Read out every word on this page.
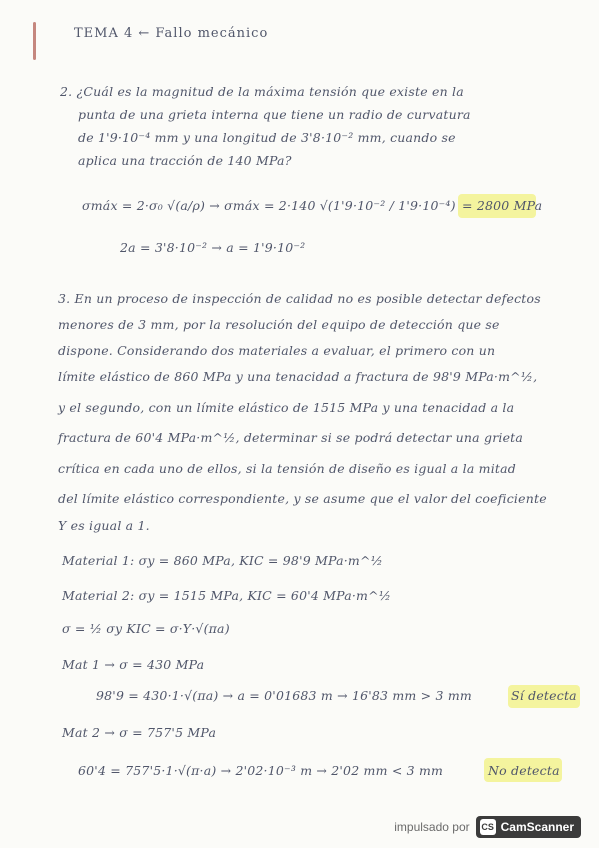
TEMA 4 ← Fallo mecánico
2. ¿Cuál es la magnitud de la máxima tensión que existe en la
punta de una grieta interna que tiene un radio de curvatura
de 1'9·10⁻⁴ mm y una longitud de 3'8·10⁻² mm, cuando se
aplica una tracción de 140 MPa?
σmáx = 2·σ₀ √(a/ρ) → σmáx = 2·140 √(1'9·10⁻² / 1'9·10⁻⁴) = 2800 MPa
2a = 3'8·10⁻² → a = 1'9·10⁻²
3. En un proceso de inspección de calidad no es posible detectar defectos
menores de 3 mm, por la resolución del equipo de detección que se
dispone. Considerando dos materiales a evaluar, el primero con un
límite elástico de 860 MPa y una tenacidad a fractura de 98'9 MPa·m^½,
y el segundo, con un límite elástico de 1515 MPa y una tenacidad a la
fractura de 60'4 MPa·m^½, determinar si se podrá detectar una grieta
crítica en cada uno de ellos, si la tensión de diseño es igual a la mitad
del límite elástico correspondiente, y se asume que el valor del coeficiente
Y es igual a 1.
Material 1: σy = 860 MPa, KIC = 98'9 MPa·m^½
Material 2: σy = 1515 MPa, KIC = 60'4 MPa·m^½
σ = ½ σy KIC = σ·Y·√(πa)
Mat 1 → σ = 430 MPa
98'9 = 430·1·√(πa) → a = 0'01683 m → 16'83 mm > 3 mm	Sí detecta
Mat 2 → σ = 757'5 MPa
60'4 = 757'5·1·√(π·a) → 2'02·10⁻³ m → 2'02 mm < 3 mm	No detecta
impulsado por CS CamScanner
